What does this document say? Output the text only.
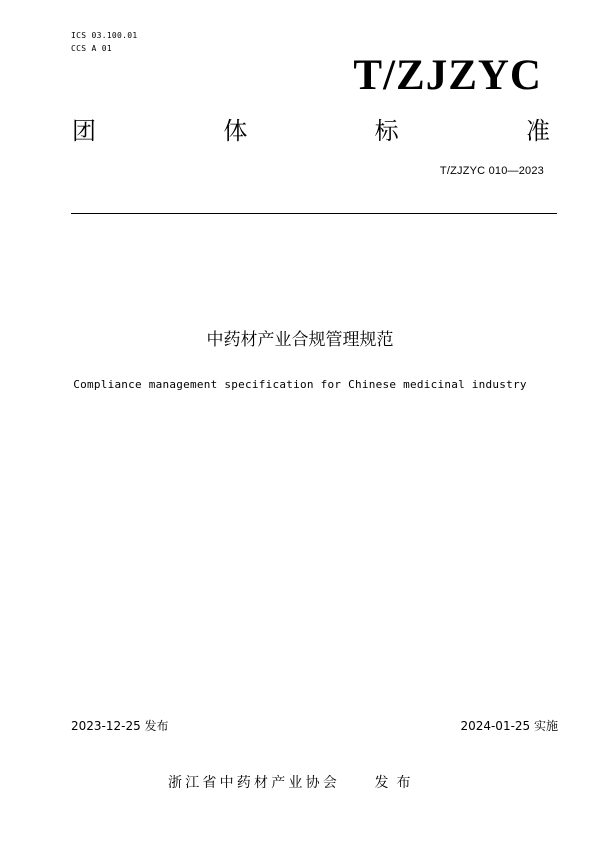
ICS 03.100.01
CCS A 01
T/ZJZYC
团	体	标	准
T/ZJZYC 010—2023
中药材产业合规管理规范
Compliance management specification for Chinese medicinal industry
2023-12-25 发布	2024-01-25 实施
浙江省中药材产业协会 发布
